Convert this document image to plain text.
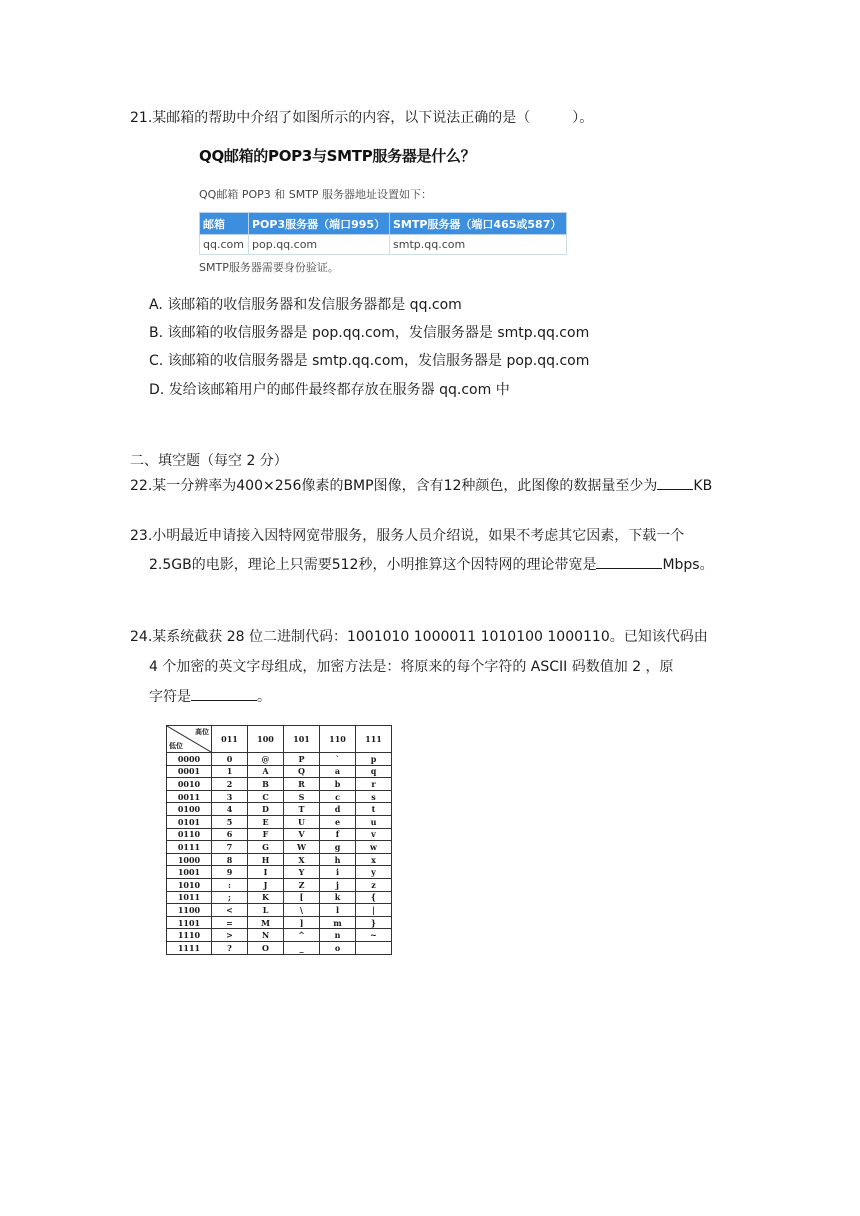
21.某邮箱的帮助中介绍了如图所示的内容，以下说法正确的是（　　　）。
QQ邮箱的POP3与SMTP服务器是什么？
QQ邮箱 POP3 和 SMTP 服务器地址设置如下：
邮箱	POP3服务器（端口995）	SMTP服务器（端口465或587）
qq.com	pop.qq.com	smtp.qq.com
SMTP服务器需要身份验证。
A. 该邮箱的收信服务器和发信服务器都是 qq.com
B. 该邮箱的收信服务器是 pop.qq.com，发信服务器是 smtp.qq.com
C. 该邮箱的收信服务器是 smtp.qq.com，发信服务器是 pop.qq.com
D. 发给该邮箱用户的邮件最终都存放在服务器 qq.com 中
二、填空题（每空 2 分）
22.某一分辨率为400×256像素的BMP图像，含有12种颜色，此图像的数据量至少为	KB
23.小明最近申请接入因特网宽带服务，服务人员介绍说，如果不考虑其它因素，下载一个
2.5GB的电影，理论上只需要512秒，小明推算这个因特网的理论带宽是	Mbps。
24.某系统截获 28 位二进制代码：1001010 1000011 1010100 1000110。已知该代码由
4 个加密的英文字母组成，加密方法是：将原来的每个字符的 ASCII 码数值加 2 ，原
字符是	。
高位
低位	011	100	101	110	111
0000	0	@	P	`	p
0001	1	A	Q	a	q
0010	2	B	R	b	r
0011	3	C	S	c	s
0100	4	D	T	d	t
0101	5	E	U	e	u
0110	6	F	V	f	v
0111	7	G	W	g	w
1000	8	H	X	h	x
1001	9	I	Y	i	y
1010	:	J	Z	j	z
1011	;	K	[	k	{
1100	<	L	\	l	|
1101	=	M	]	m	}
1110	>	N	^	n	~
1111	?	O	_	o	
